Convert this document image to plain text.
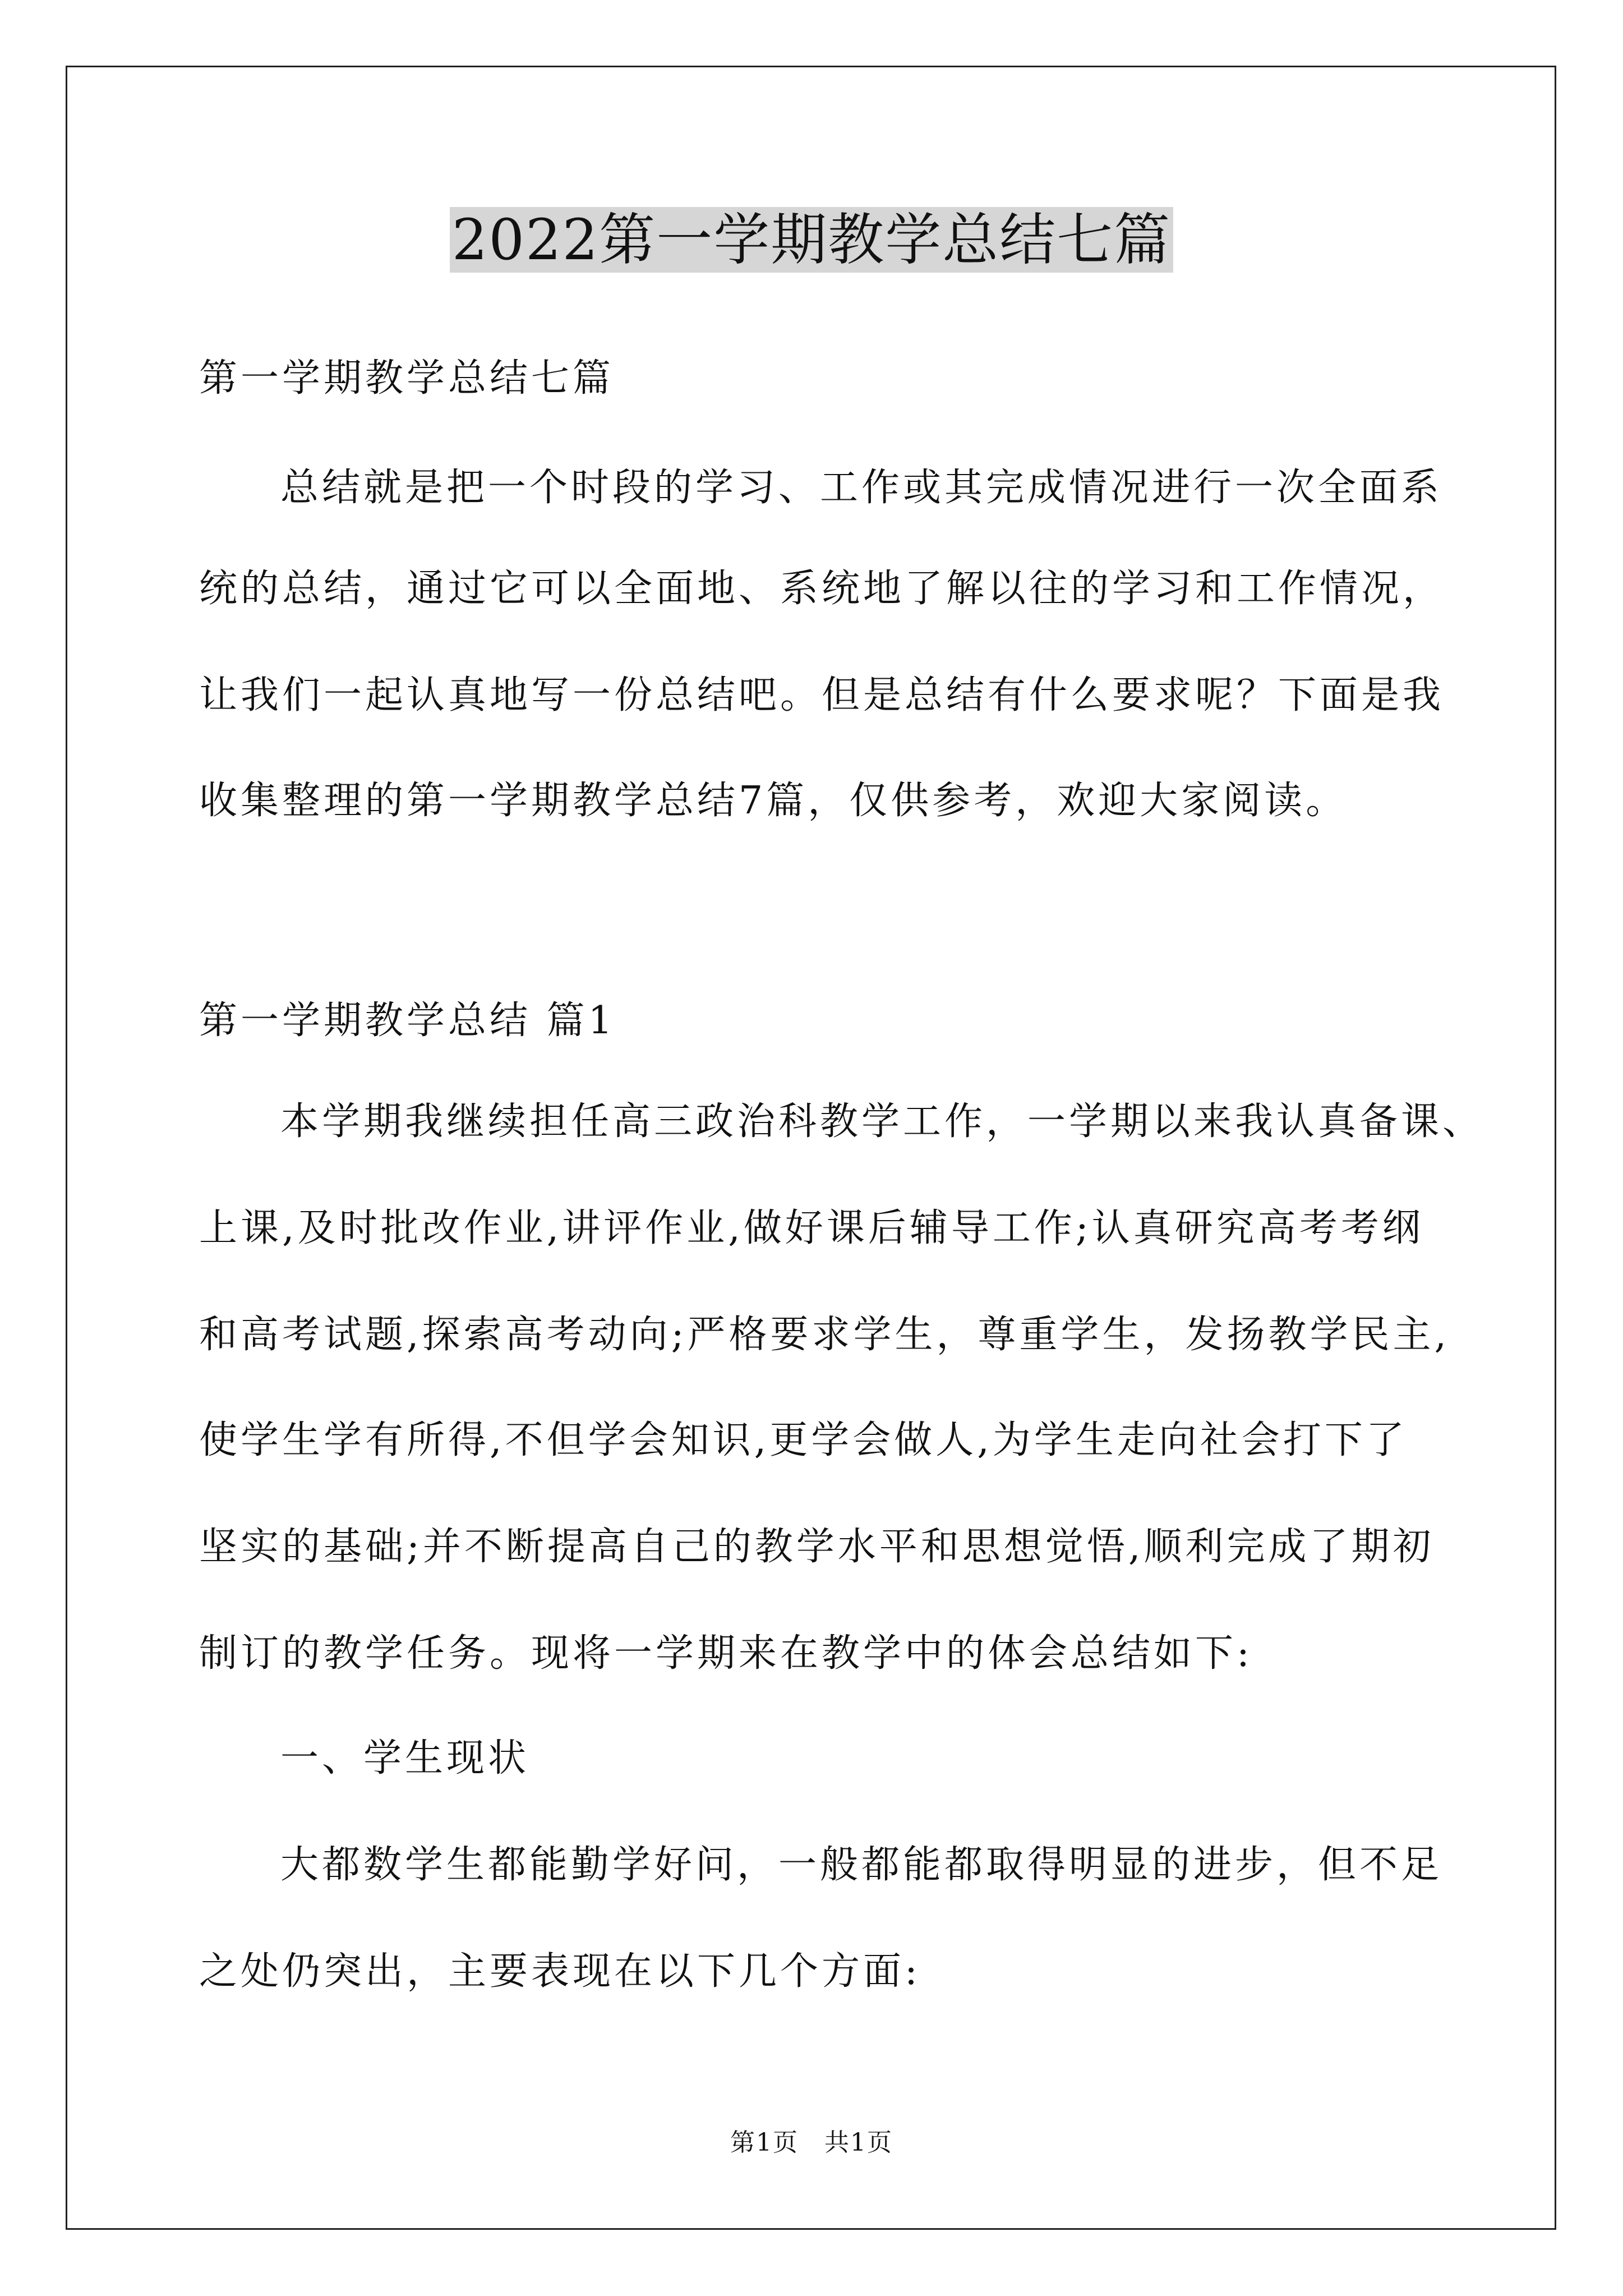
2022第一学期教学总结七篇
第一学期教学总结七篇
总结就是把一个时段的学习、工作或其完成情况进行一次全面系
统的总结，通过它可以全面地、系统地了解以往的学习和工作情况，
让我们一起认真地写一份总结吧。但是总结有什么要求呢？下面是我
收集整理的第一学期教学总结7篇，仅供参考，欢迎大家阅读。
第一学期教学总结 篇1
本学期我继续担任高三政治科教学工作，一学期以来我认真备课、
上课,及时批改作业,讲评作业,做好课后辅导工作;认真研究高考考纲
和高考试题,探索高考动向;严格要求学生，尊重学生，发扬教学民主,
使学生学有所得,不但学会知识,更学会做人,为学生走向社会打下了
坚实的基础;并不断提高自己的教学水平和思想觉悟,顺利完成了期初
制订的教学任务。现将一学期来在教学中的体会总结如下:
一、学生现状
大都数学生都能勤学好问，一般都能都取得明显的进步，但不足
之处仍突出，主要表现在以下几个方面:
第1页　共1页
